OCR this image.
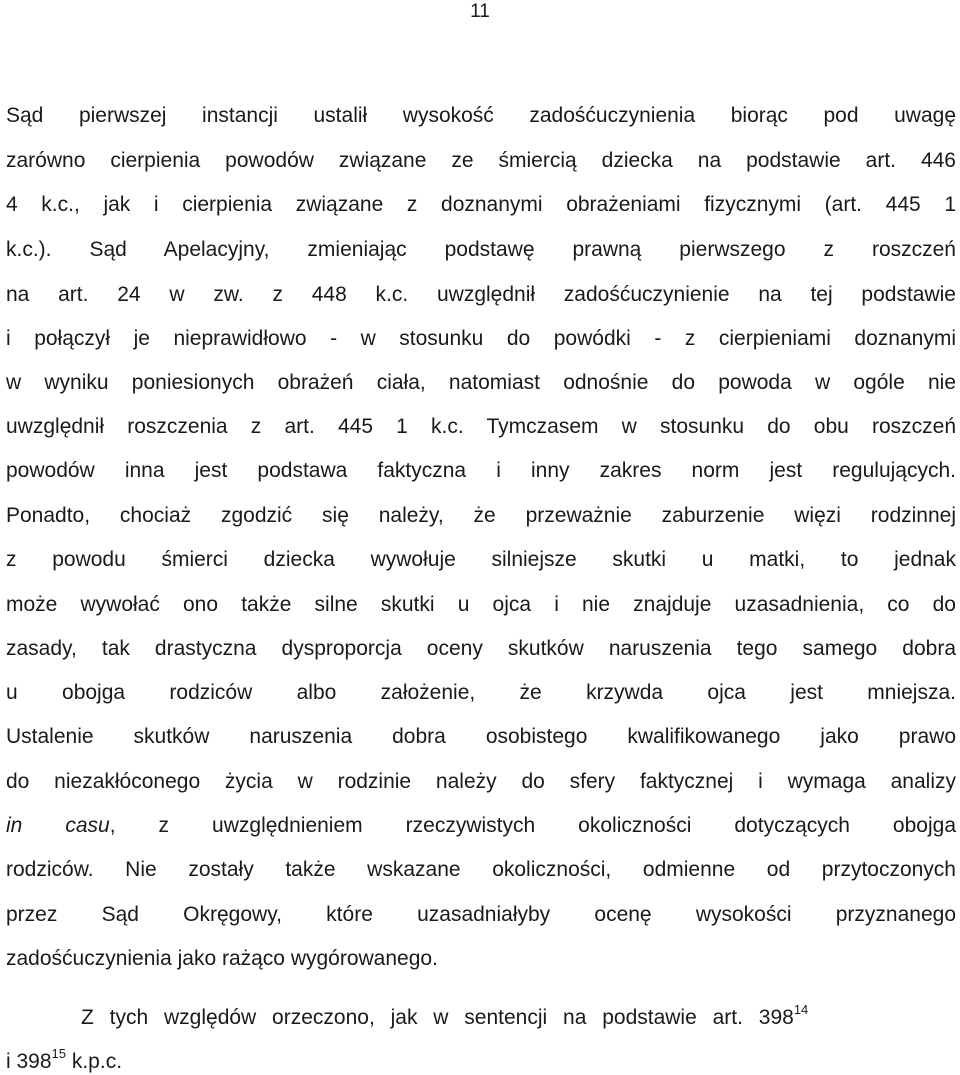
11
Sąd pierwszej instancji ustalił wysokość zadośćuczynienia biorąc pod uwagę
zarówno cierpienia powodów związane ze śmiercią dziecka na podstawie art. 446
4 k.c., jak i cierpienia związane z doznanymi obrażeniami fizycznymi (art. 445 1
k.c.). Sąd Apelacyjny, zmieniając podstawę prawną pierwszego z roszczeń
na art. 24 w zw. z 448 k.c. uwzględnił zadośćuczynienie na tej podstawie
i połączył je nieprawidłowo - w stosunku do powódki - z cierpieniami doznanymi
w wyniku poniesionych obrażeń ciała, natomiast odnośnie do powoda w ogóle nie
uwzględnił roszczenia z art. 445 1 k.c. Tymczasem w stosunku do obu roszczeń
powodów inna jest podstawa faktyczna i inny zakres norm jest regulujących.
Ponadto, chociaż zgodzić się należy, że przeważnie zaburzenie więzi rodzinnej
z powodu śmierci dziecka wywołuje silniejsze skutki u matki, to jednak
może wywołać ono także silne skutki u ojca i nie znajduje uzasadnienia, co do
zasady, tak drastyczna dysproporcja oceny skutków naruszenia tego samego dobra
u obojga rodziców albo założenie, że krzywda ojca jest mniejsza.
Ustalenie skutków naruszenia dobra osobistego kwalifikowanego jako prawo
do niezakłóconego życia w rodzinie należy do sfery faktycznej i wymaga analizy
in casu, z uwzględnieniem rzeczywistych okoliczności dotyczących obojga
rodziców. Nie zostały także wskazane okoliczności, odmienne od przytoczonych
przez Sąd Okręgowy, które uzasadniałyby ocenę wysokości przyznanego
zadośćuczynienia jako rażąco wygórowanego.
Z tych względów orzeczono, jak w sentencji na podstawie art. $398^{14}$
i $398^{15}$ k.p.c.
